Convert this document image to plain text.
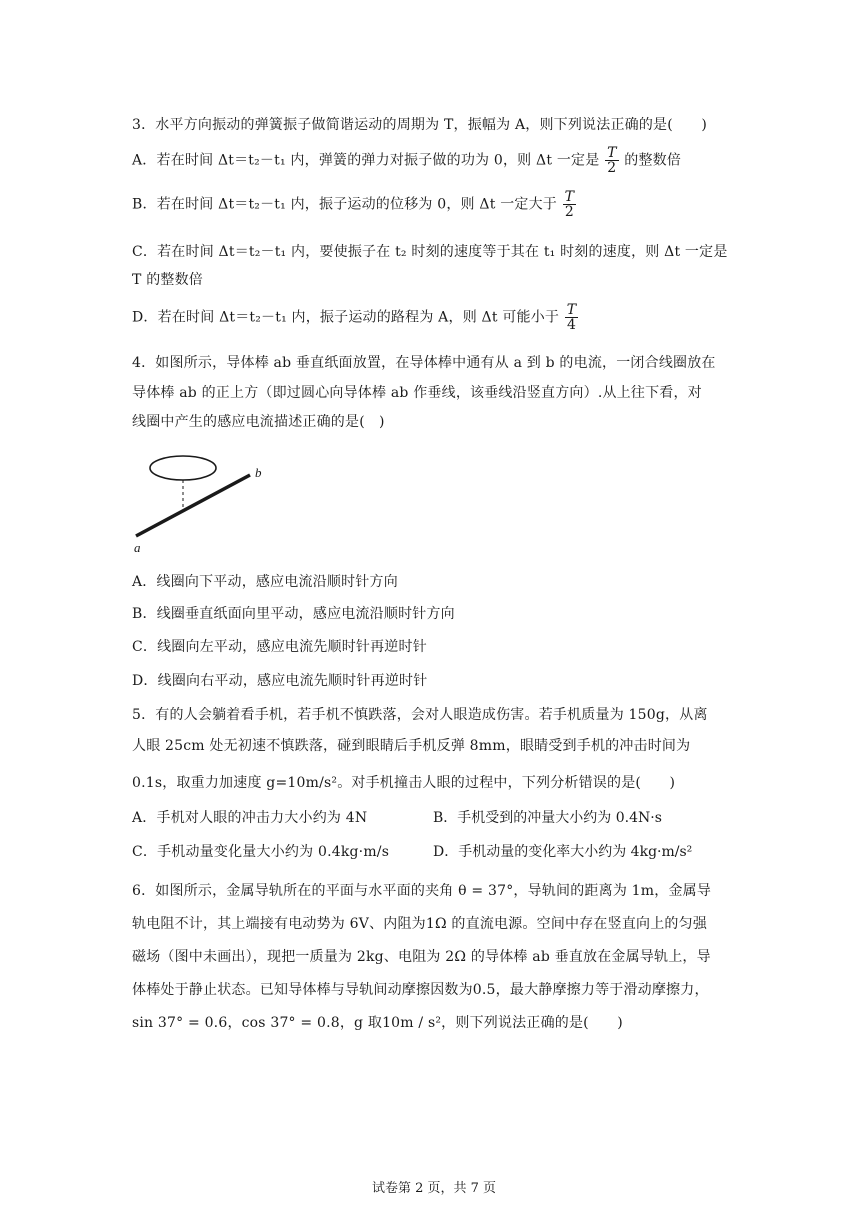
3．水平方向振动的弹簧振子做简谐运动的周期为 T，振幅为 A，则下列说法正确的是(　　)
A．若在时间 Δt＝t₂－t₁ 内，弹簧的弹力对振子做的功为 0，则 Δt 一定是 $\frac{T}{2}$ 的整数倍
B．若在时间 Δt＝t₂－t₁ 内，振子运动的位移为 0，则 Δt 一定大于 $\frac{T}{2}$
C．若在时间 Δt＝t₂－t₁ 内，要使振子在 t₂ 时刻的速度等于其在 t₁ 时刻的速度，则 Δt 一定是
T 的整数倍
D．若在时间 Δt＝t₂－t₁ 内，振子运动的路程为 A，则 Δt 可能小于 $\frac{T}{4}$
4．如图所示，导体棒 ab 垂直纸面放置，在导体棒中通有从 a 到 b 的电流，一闭合线圈放在
导体棒 ab 的正上方（即过圆心向导体棒 ab 作垂线，该垂线沿竖直方向）.从上往下看，对
线圈中产生的感应电流描述正确的是(　)
a
b
A．线圈向下平动，感应电流沿顺时针方向
B．线圈垂直纸面向里平动，感应电流沿顺时针方向
C．线圈向左平动，感应电流先顺时针再逆时针
D．线圈向右平动，感应电流先顺时针再逆时针
5．有的人会躺着看手机，若手机不慎跌落，会对人眼造成伤害。若手机质量为 150g，从离
人眼 25cm 处无初速不慎跌落，碰到眼睛后手机反弹 8mm，眼睛受到手机的冲击时间为
0.1s，取重力加速度 g=10m/s²。对手机撞击人眼的过程中，下列分析错误的是(　　)
A．手机对人眼的冲击力大小约为 4N	B．手机受到的冲量大小约为 0.4N·s
C．手机动量变化量大小约为 0.4kg·m/s	D．手机动量的变化率大小约为 4kg·m/s²
6．如图所示，金属导轨所在的平面与水平面的夹角 θ = 37°，导轨间的距离为 1m，金属导
轨电阻不计，其上端接有电动势为 6V、内阻为1Ω 的直流电源。空间中存在竖直向上的匀强
磁场（图中未画出），现把一质量为 2kg、电阻为 2Ω 的导体棒 ab 垂直放在金属导轨上，导
体棒处于静止状态。已知导体棒与导轨间动摩擦因数为0.5，最大静摩擦力等于滑动摩擦力，
sin 37° = 0.6，cos 37° = 0.8，g 取10m / s²，则下列说法正确的是(　　)
试卷第 2 页，共 7 页
